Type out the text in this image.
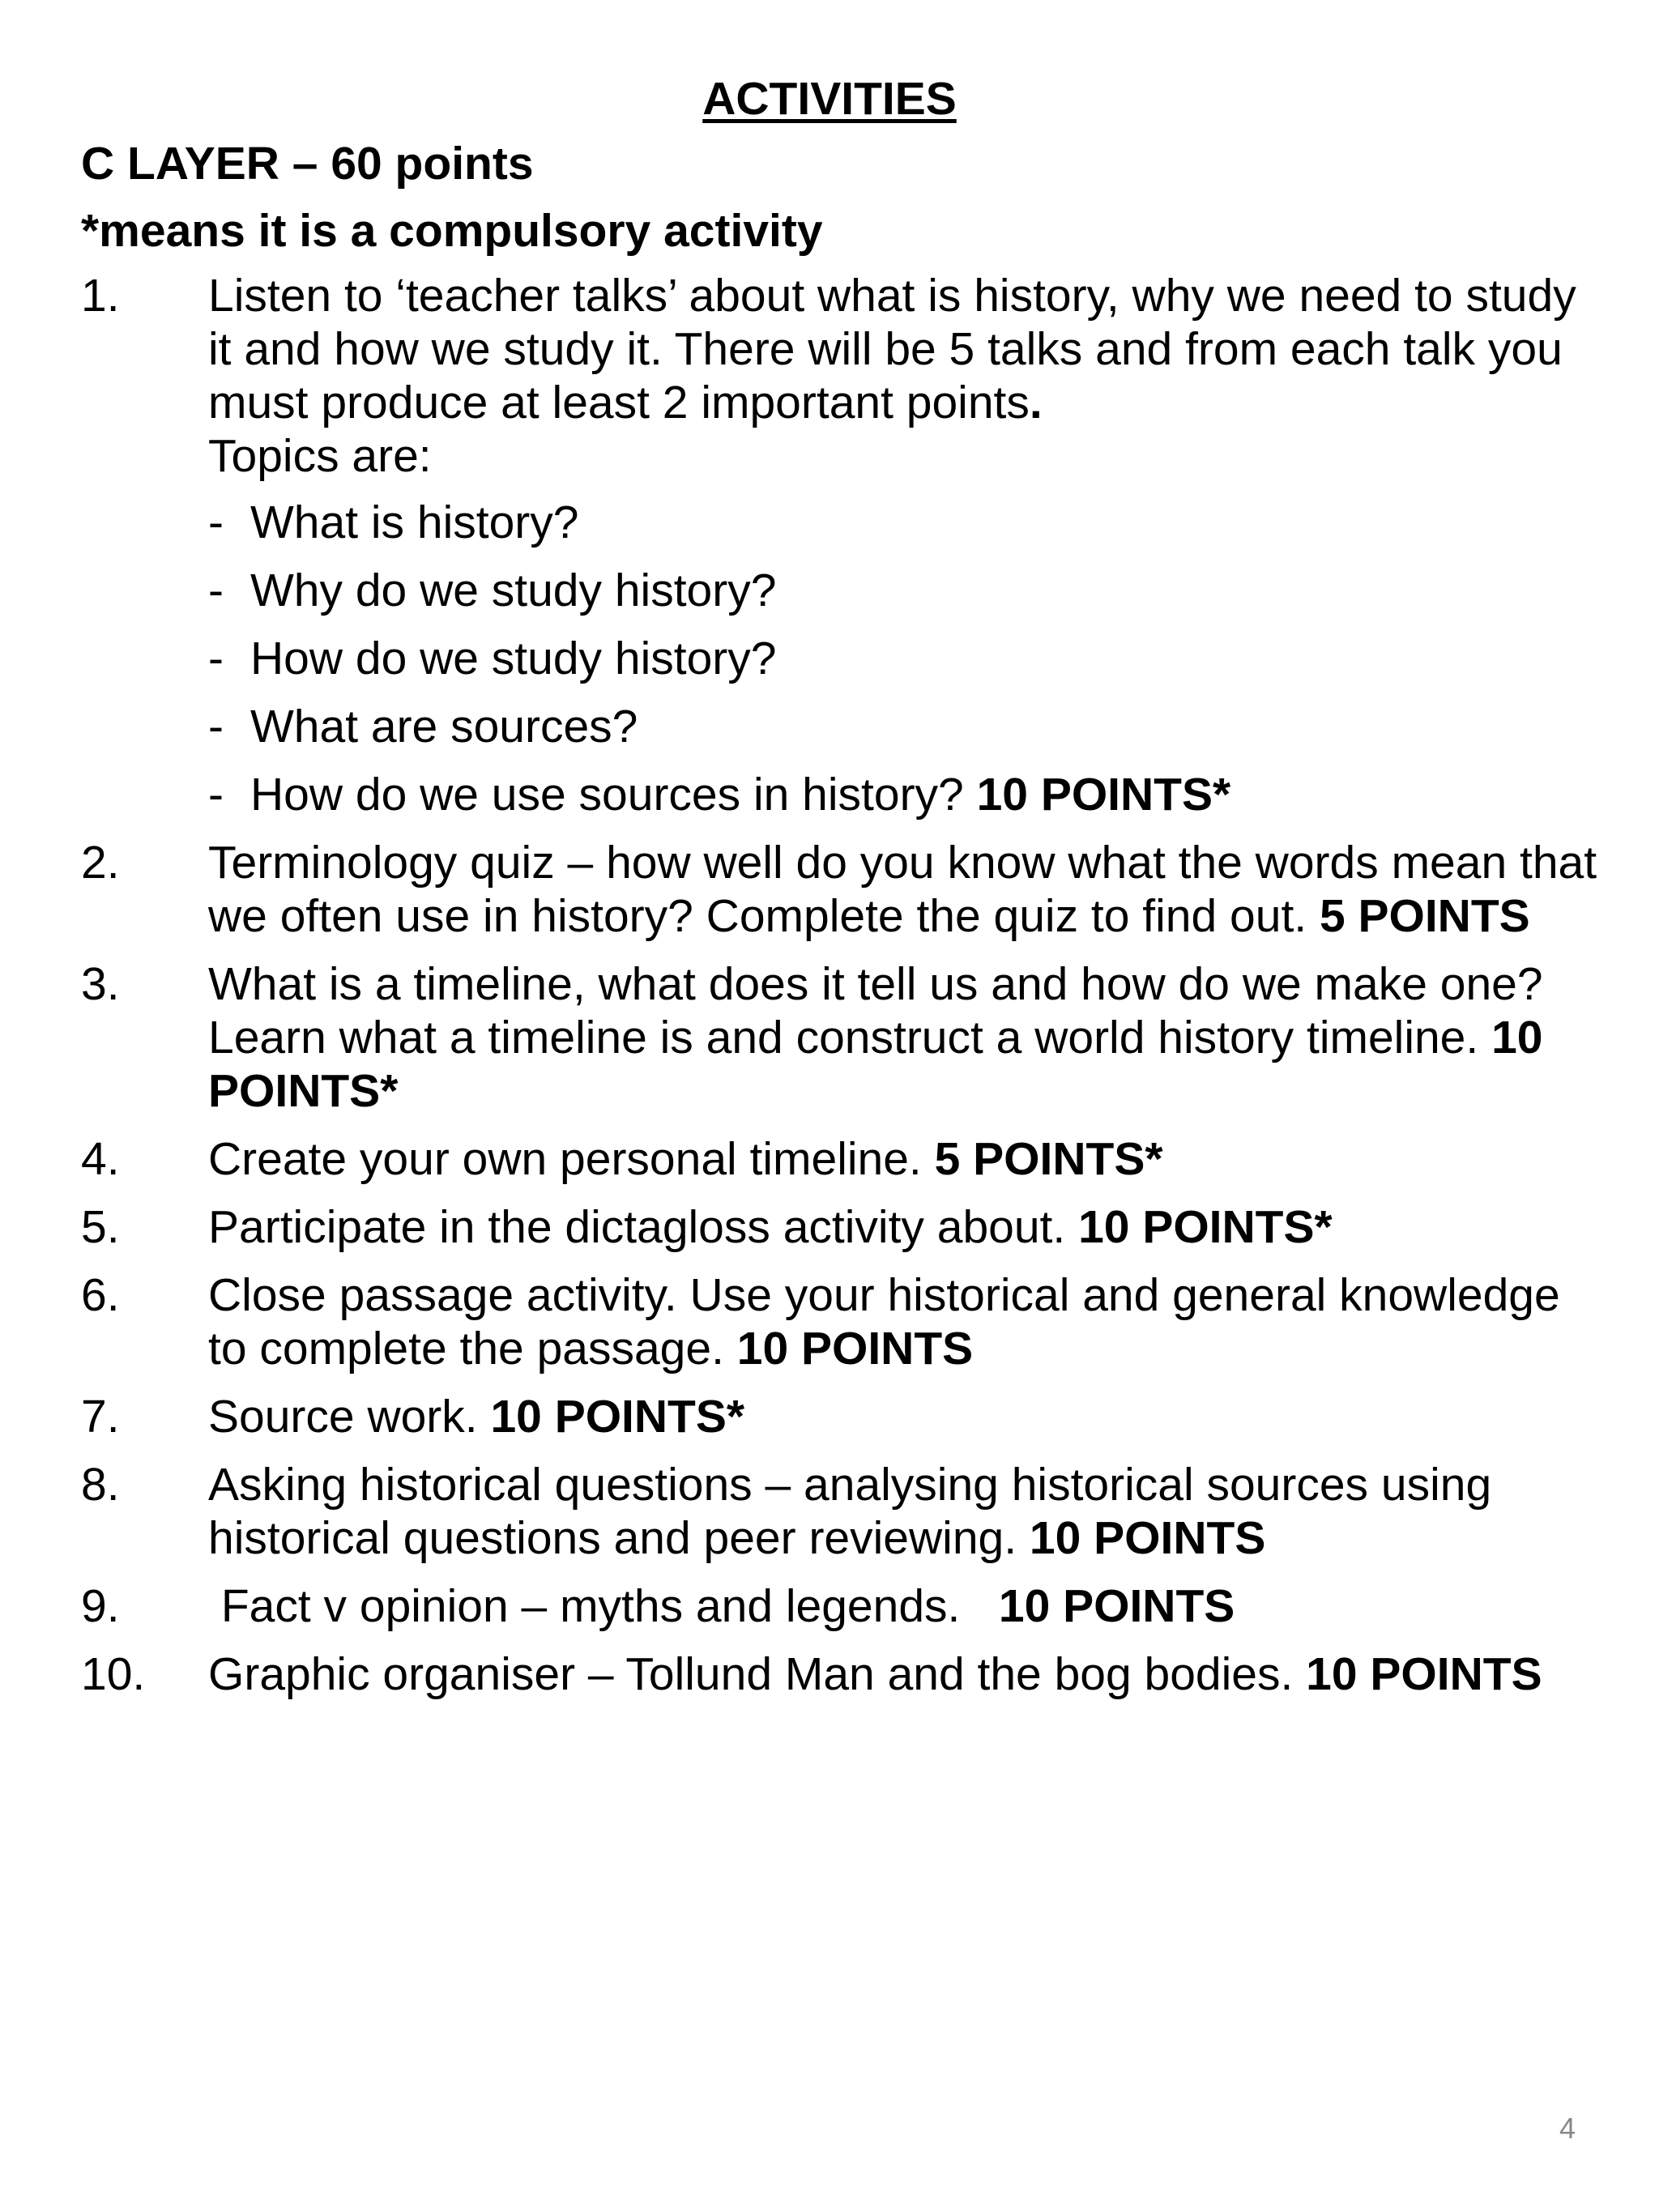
ACTIVITIES
C LAYER – 60 points
*means it is a compulsory activity
1.	Listen to ‘teacher talks’ about what is history, why we need to study it and how we study it. There will be 5 talks and from each talk you must produce at least 2 important points.
Topics are:
- What is history?
- Why do we study history?
- How do we study history?
- What are sources?
- How do we use sources in history? 10 POINTS*
2.	Terminology quiz – how well do you know what the words mean that we often use in history? Complete the quiz to find out. 5 POINTS
3.	What is a timeline, what does it tell us and how do we make one? Learn what a timeline is and construct a world history timeline. 10 POINTS*
4.	Create your own personal timeline. 5 POINTS*
5.	Participate in the dictagloss activity about. 10 POINTS*
6.	Close passage activity. Use your historical and general knowledge to complete the passage. 10 POINTS
7.	Source work. 10 POINTS*
8.	Asking historical questions – analysing historical sources using historical questions and peer reviewing. 10 POINTS
9.	Fact v opinion – myths and legends.   10 POINTS
10.	Graphic organiser – Tollund Man and the bog bodies. 10 POINTS
4
